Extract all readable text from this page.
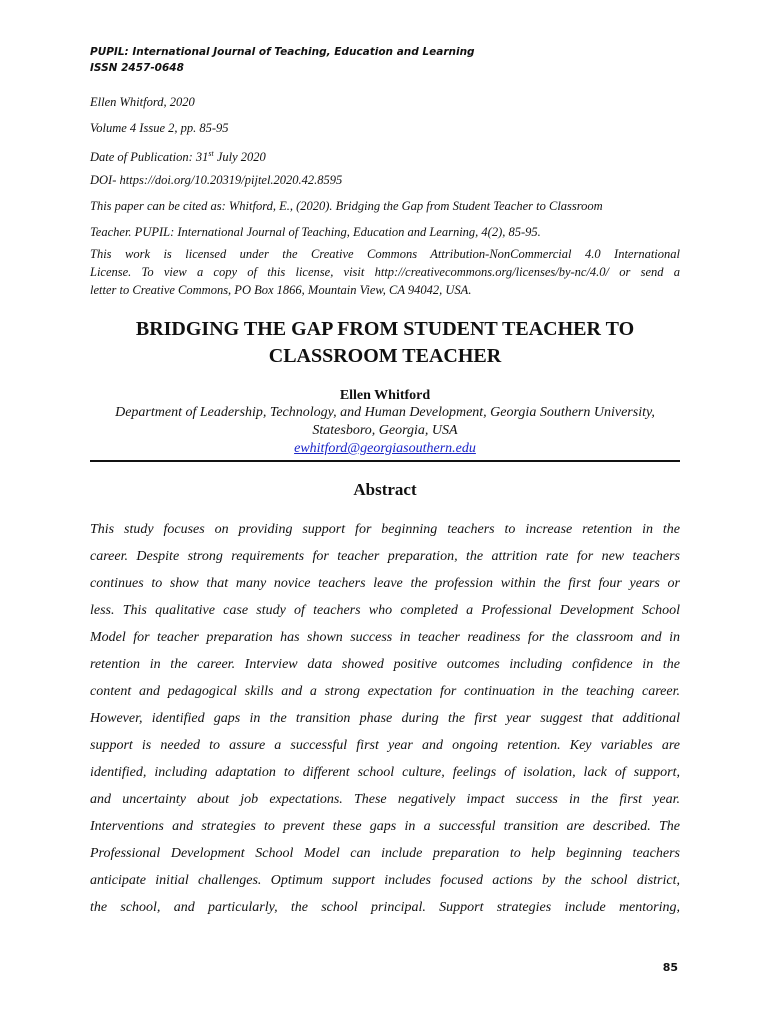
PUPIL: International Journal of Teaching, Education and Learning
ISSN 2457-0648
Ellen Whitford, 2020
Volume 4 Issue 2, pp. 85-95
Date of Publication: 31st July 2020
DOI- https://doi.org/10.20319/pijtel.2020.42.8595
This paper can be cited as: Whitford, E., (2020). Bridging the Gap from Student Teacher to Classroom
Teacher. PUPIL: International Journal of Teaching, Education and Learning, 4(2), 85-95.
This work is licensed under the Creative Commons Attribution-NonCommercial 4.0 International
License. To view a copy of this license, visit http://creativecommons.org/licenses/by-nc/4.0/ or send a
letter to Creative Commons, PO Box 1866, Mountain View, CA 94042, USA.
BRIDGING THE GAP FROM STUDENT TEACHER TO
CLASSROOM TEACHER
Ellen Whitford
Department of Leadership, Technology, and Human Development, Georgia Southern University,
Statesboro, Georgia, USA
ewhitford@georgiasouthern.edu
Abstract
This study focuses on providing support for beginning teachers to increase retention in the
career. Despite strong requirements for teacher preparation, the attrition rate for new teachers
continues to show that many novice teachers leave the profession within the first four years or
less. This qualitative case study of teachers who completed a Professional Development School
Model for teacher preparation has shown success in teacher readiness for the classroom and in
retention in the career. Interview data showed positive outcomes including confidence in the
content and pedagogical skills and a strong expectation for continuation in the teaching career.
However, identified gaps in the transition phase during the first year suggest that additional
support is needed to assure a successful first year and ongoing retention. Key variables are
identified, including adaptation to different school culture, feelings of isolation, lack of support,
and uncertainty about job expectations. These negatively impact success in the first year.
Interventions and strategies to prevent these gaps in a successful transition are described. The
Professional Development School Model can include preparation to help beginning teachers
anticipate initial challenges. Optimum support includes focused actions by the school district,
the school, and particularly, the school principal. Support strategies include mentoring,
85
